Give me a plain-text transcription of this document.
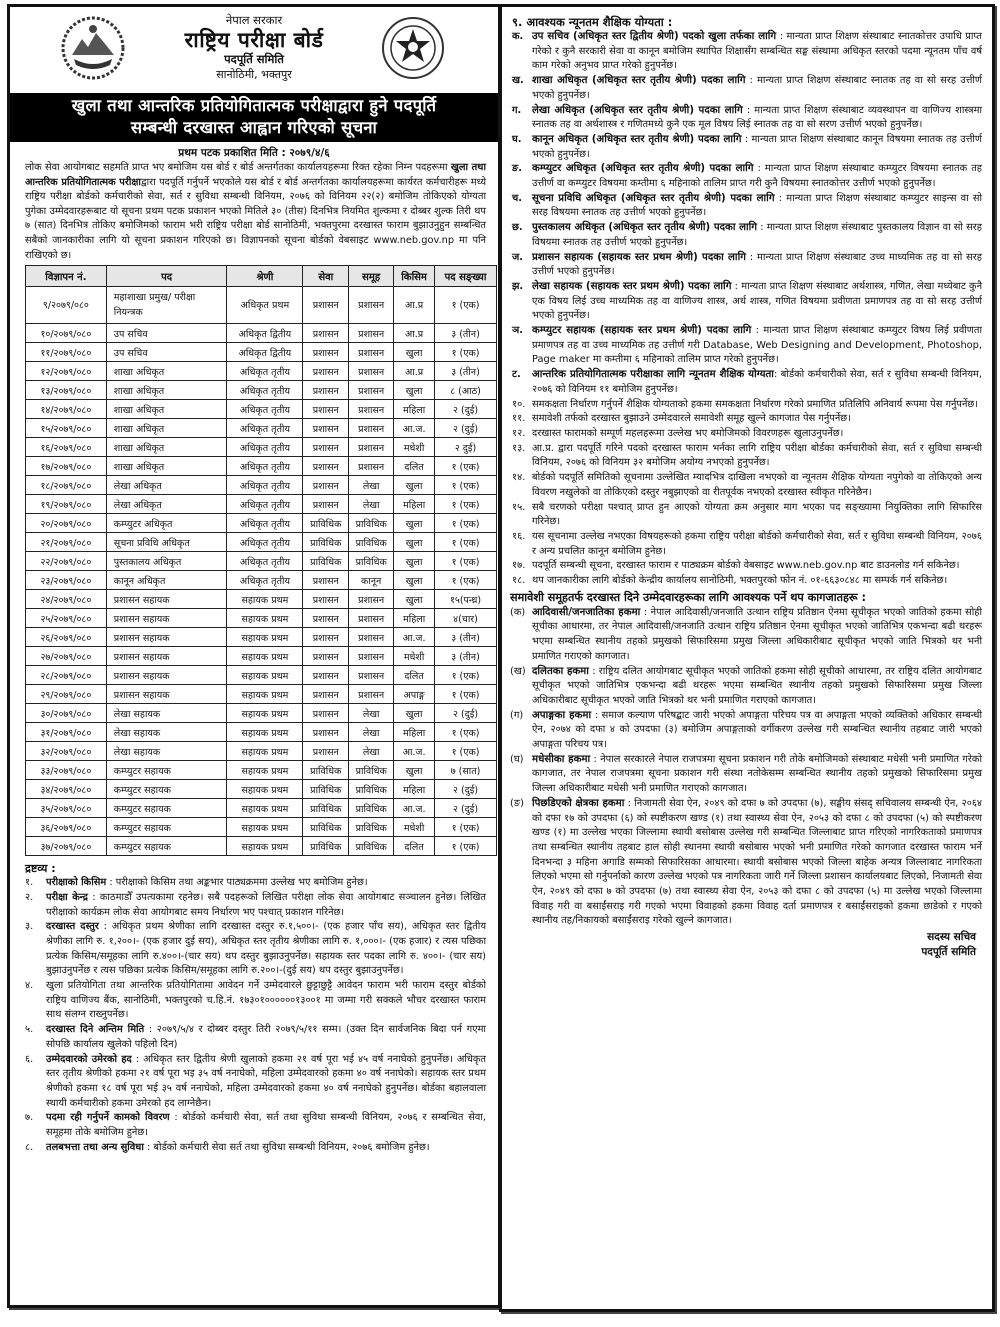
नेपाल सरकार
राष्ट्रिय परीक्षा बोर्ड
पदपूर्ति समिति
सानोठिमी, भक्तपुर
खुला तथा आन्तरिक प्रतियोगितात्मक परीक्षाद्वारा हुने पदपूर्ति
सम्बन्धी दरखास्त आह्वान गरिएको सूचना
प्रथम पटक प्रकाशित मिति : २०७९/४/६

लोक सेवा आयोगबाट सहमति प्राप्त भए बमोजिम यस बोर्ड र बोर्ड अन्तर्गतका कार्यालयहरूमा रिक्त रहेका निम्न पदहरूमा खुला तथा आन्तरिक प्रतियोगितात्मक परीक्षाद्वारा पदपूर्ति गर्नुपर्ने भएकोले यस बोर्ड र बोर्ड अन्तर्गतका कार्यालयहरूमा कार्यरत कर्मचारीहरू मध्ये राष्ट्रिय परीक्षा बोर्डको कर्मचारीको सेवा, सर्त र सुविधा सम्बन्धी विनियम, २०७६ को विनियम २२(२) बमोजिम तोकिएको योग्यता पुगेका उम्मेदवारहरूबाट यो सूचना प्रथम पटक प्रकाशन भएको मितिले ३० (तीस) दिनभित्र नियमित शुल्कमा र दोब्बर शुल्क तिरी थप ७ (सात) दिनभित्र तोकिए बमोजिमको फाराम भरी राष्ट्रिय परीक्षा बोर्ड सानोठिमी, भक्तपुरमा दरखास्त फाराम बुझाउनुहुन सम्बन्धित सबैको जानकारीका लागि यो सूचना प्रकाशन गरिएको छ। विज्ञापनको सूचना बोर्डको वेबसाइट www.neb.gov.np मा पनि राखिएको छ।

विज्ञापन नं.	पद	श्रेणी	सेवा	समूह	किसिम	पद सङ्ख्या
९/२०७९/०८०	महाशाखा प्रमुख/ परीक्षा नियन्त्रक	अधिकृत प्रथम	प्रशासन	प्रशासन	आ.प्र	१ (एक)
१०/२०७९/०८०	उप सचिव	अधिकृत द्वितीय	प्रशासन	प्रशासन	आ.प्र	३ (तीन)
११/२०७९/०८०	उप सचिव	अधिकृत द्वितीय	प्रशासन	प्रशासन	खुला	१ (एक)
१२/२०७९/०८०	शाखा अधिकृत	अधिकृत तृतीय	प्रशासन	प्रशासन	आ.प्र	३ (तीन)
१३/२०७९/०८०	शाखा अधिकृत	अधिकृत तृतीय	प्रशासन	प्रशासन	खुला	८ (आठ)
१४/२०७९/०८०	शाखा अधिकृत	अधिकृत तृतीय	प्रशासन	प्रशासन	महिला	२ (दुई)
१५/२०७९/०८०	शाखा अधिकृत	अधिकृत तृतीय	प्रशासन	प्रशासन	आ.ज.	२ (दुई)
१६/२०७९/०८०	शाखा अधिकृत	अधिकृत तृतीय	प्रशासन	प्रशासन	मधेशी	२ दुई)
१७/२०७९/०८०	शाखा अधिकृत	अधिकृत तृतीय	प्रशासन	प्रशासन	दलित	१ (एक)
१८/२०७९/०८०	लेखा अधिकृत	अधिकृत तृतीय	प्रशासन	लेखा	खुला	१ (एक)
१९/२०७९/०८०	लेखा अधिकृत	अधिकृत तृतीय	प्रशासन	लेखा	महिला	१ (एक)
२०/२०७९/०८०	कम्प्युटर अधिकृत	अधिकृत तृतीय	प्राविधिक	प्राविधिक	खुला	१ (एक)
२१/२०७९/०८०	सूचना प्रविधि अधिकृत	अधिकृत तृतीय	प्राविधिक	प्राविधिक	खुला	१ (एक)
२२/२०७९/०८०	पुस्तकालय अधिकृत	अधिकृत तृतीय	प्राविधिक	प्राविधिक	खुला	१ (एक)
२३/२०७९/०८०	कानून अधिकृत	अधिकृत तृतीय	प्रशासन	कानून	खुला	१ (एक)
२४/२०७९/०८०	प्रशासन सहायक	सहायक प्रथम	प्रशासन	प्रशासन	खुला	१५(पन्ध्र)
२५/२०७९/०८०	प्रशासन सहायक	सहायक प्रथम	प्रशासन	प्रशासन	महिला	४(चार)
२६/२०७९/०८०	प्रशासन सहायक	सहायक प्रथम	प्रशासन	प्रशासन	आ.ज.	३ (तीन)
२७/२०७९/०८०	प्रशासन सहायक	सहायक प्रथम	प्रशासन	प्रशासन	मधेशी	३ (तीन)
२८/२०७९/०८०	प्रशासन सहायक	सहायक प्रथम	प्रशासन	प्रशासन	दलित	१ (एक)
२९/२०७९/०८०	प्रशासन सहायक	सहायक प्रथम	प्रशासन	प्रशासन	अपाङ्ग	१ (एक)
३०/२०७९/०८०	लेखा सहायक	सहायक प्रथम	प्रशासन	लेखा	खुला	२ (दुई)
३१/२०७९/०८०	लेखा सहायक	सहायक प्रथम	प्रशासन	लेखा	महिला	१ (एक)
३२/२०७९/०८०	लेखा सहायक	सहायक प्रथम	प्रशासन	लेखा	आ.ज.	१ (एक)
३३/२०७९/०८०	कम्प्युटर सहायक	सहायक प्रथम	प्राविधिक	प्राविधिक	खुला	७ (सात)
३४/२०७९/०८०	कम्प्युटर सहायक	सहायक प्रथम	प्राविधिक	प्राविधिक	महिला	२ (दुई)
३५/२०७९/०८०	कम्प्युटर सहायक	सहायक प्रथम	प्राविधिक	प्राविधिक	आ.ज.	२ (दुई)
३६/२०७९/०८०	कम्प्युटर सहायक	सहायक प्रथम	प्राविधिक	प्राविधिक	मधेशी	१ (एक)
३७/२०७९/०८०	कम्प्युटर सहायक	सहायक प्रथम	प्राविधिक	प्राविधिक	दलित	१ (एक)
द्रष्टव्य :
१. परीक्षाको किसिम : परीक्षाको किसिम तथा अङ्कभार पाठ्यक्रममा उल्लेख भए बमोजिम हुनेछ।
२. परीक्षा केन्द्र : काठमाडौँ उपत्यकामा रहनेछ। सबै पदहरूको लिखित परीक्षा लोक सेवा आयोगबाट सञ्चालन हुनेछ। लिखित परीक्षाको कार्यक्रम लोक सेवा आयोगबाट समय निर्धारण भए पश्चात् प्रकाशन गरिनेछ।
३. दरखास्त दस्तुर : अधिकृत प्रथम श्रेणीका लागि दरखास्त दस्तुर रु.१,५००।- (एक हजार पाँच सय), अधिकृत स्तर द्वितीय श्रेणीका लागि रु. १,२००।- (एक हजार दुई सय), अधिकृत स्तर तृतीय श्रेणीका लागि रु. १,०००।- (एक हजार) र त्यस पछिका प्रत्येक किसिम/समूहका लागि रु.४००।-(चार सय) थप दस्तुर बुझाउनुपर्नेछ। सहायक स्तर पदका लागि रु. ४००।- (चार सय) बुझाउनुपर्नेछ र त्यस पछिका प्रत्येक किसिम/समूहका लागि रु.२००।-(दुई सय) थप दस्तुर बुझाउनुपर्नेछ।
४. खुला प्रतियोगिता तथा आन्तरिक प्रतियोगितामा आवेदन गर्ने उम्मेदवारले छुट्टाछुट्टै आवेदन फाराम भरी फाराम दस्तुर बोर्डको राष्ट्रिय वाणिज्य बैंक, सानोठिमी, भक्तपुरको च.हि.नं. १७३०१००००००१३००१ मा जम्मा गरी सक्कले भौचर दरखास्त फाराम साथ संलग्न राख्नुपर्नेछ।
५. दरखास्त दिने अन्तिम मिति : २०७९/५/४ र दोब्बर दस्तुर तिरी २०७९/५/११ सम्म। (उक्त दिन सार्वजनिक बिदा पर्न गएमा सोपछि कार्यालय खुलेको पहिलो दिन)
६. उम्मेदवारको उमेरको हद : अधिकृत स्तर द्वितीय श्रेणी खुलाको हकमा २१ वर्ष पूरा भई ४५ वर्ष ननाघेको हुनुपर्नेछ। अधिकृत स्तर तृतीय श्रेणीको हकमा २१ वर्ष पूरा भइ ३५ वर्ष ननाघेको, महिला उम्मेदवारको हकमा ४० वर्ष ननाघेको। सहायक स्तर प्रथम श्रेणीको हकमा १८ वर्ष पूरा भई ३५ वर्ष ननाघेको, महिला उम्मेदवारको हकमा ४० वर्ष ननाघेको हुनुपर्नेछ। बोर्डका बहालवाला स्थायी कर्मचारीको हकमा उमेरको हद लाग्नेछैन।
७. पदमा रही गर्नुपर्ने कामको विवरण : बोर्डको कर्मचारी सेवा, सर्त तथा सुविधा सम्बन्धी विनियम, २०७६ र सम्बन्धित सेवा, समूहमा तोके बमोजिम हुनेछ।
८. तलबभत्ता तथा अन्य सुविधा : बोर्डको कर्मचारी सेवा सर्त तथा सुविधा सम्बन्धी विनियम, २०७६ बमोजिम हुनेछ।
९. आवश्यक न्यूनतम शैक्षिक योग्यता :
क. उप सचिव (अधिकृत स्तर द्वितीय श्रेणी) पदको खुला तर्फका लागि : मान्यता प्राप्त शिक्षण संस्थाबाट स्नातकोत्तर उपाधि प्राप्त गरेको र कुनै सरकारी सेवा वा कानून बमोजिम स्थापित शिक्षासँग सम्बन्धित सङ्घ संस्थामा अधिकृत स्तरको पदमा न्यूनतम पाँच वर्ष काम गरेको अनुभव प्राप्त गरेको हुनुपर्नेछ।
ख. शाखा अधिकृत (अधिकृत स्तर तृतीय श्रेणी) पदका लागि : मान्यता प्राप्त शिक्षण संस्थाबाट स्नातक तह वा सो सरह उत्तीर्ण भएको हुनुपर्नेछ।
ग. लेखा अधिकृत (अधिकृत स्तर तृतीय श्रेणी) पदका लागि : मान्यता प्राप्त शिक्षण संस्थाबाट व्यवस्थापन वा वाणिज्य शास्त्रमा स्नातक तह वा अर्थशास्त्र र गणितमध्ये कुनै एक मूल विषय लिई स्नातक तह वा सो सरण उत्तीर्ण भएको हुनुपर्नेछ।
घ. कानून अधिकृत (अधिकृत स्तर तृतीय श्रेणी) पदका लागि : मान्यता प्राप्त शिक्षण संस्थाबाट कानून विषयमा स्नातक तह उत्तीर्ण भएको हुनुपर्नेछ।
ङ. कम्प्युटर अधिकृत (अधिकृत स्तर तृतीय श्रेणी) पदका लागि : मान्यता प्राप्त शिक्षण संस्थाबाट कम्प्युटर विषयमा स्नातक तह उत्तीर्ण वा कम्प्युटर विषयमा कम्तीमा ६ महिनाको तालिम प्राप्त गरी कुनै विषयमा स्नातकोत्तर उत्तीर्ण भएको हुनुपर्नेछ।
च. सूचना प्रविधि अधिकृत (अधिकृत स्तर तृतीय श्रेणी) पदका लागि : मान्यता प्राप्त शिक्षण संस्थाबाट कम्प्युटर साइन्स वा सो सरह विषयमा स्नातक तह उत्तीर्ण भएको हुनुपर्नेछ।
छ. पुस्तकालय अधिकृत (अधिकृत स्तर तृतीय श्रेणी) पदका लागि : मान्यता प्राप्त शिक्षण संस्थाबाट पुस्तकालय विज्ञान वा सो सरह विषयमा स्नातक तह उत्तीर्ण भएको हुनुपर्नेछ।
ज. प्रशासन सहायक (सहायक स्तर प्रथम श्रेणी) पदका लागि : मान्यता प्राप्त शिक्षण संस्थाबाट उच्च माध्यमिक तह वा सो सरह उत्तीर्ण भएको हुनुपर्नेछ।
झ. लेखा सहायक (सहायक स्तर प्रथम श्रेणी) पदका लागि : मान्यता प्राप्त शिक्षण संस्थाबाट अर्थशास्त्र, गणित, लेखा मध्येबाट कुनै एक विषय लिई उच्च माध्यमिक तह वा वाणिज्य शास्त्र, अर्थ शास्त्र, गणित विषयमा प्रवीणता प्रमाणपत्र तह वा सो सरह उत्तीर्ण भएको हुनुपर्नेछ।
ञ. कम्प्युटर सहायक (सहायक स्तर प्रथम श्रेणी) पदका लागि : मान्यता प्राप्त शिक्षण संस्थाबाट कम्प्युटर विषय लिई प्रवीणता प्रमाणपत्र तह वा उच्च माध्यमिक तह उत्तीर्ण गरी Database, Web Designing and Development, Photoshop, Page maker मा कम्तीमा ६ महिनाको तालिम प्राप्त गरेको हुनुपर्नेछ।
ट. आन्तरिक प्रतियोगितात्मक परीक्षाका लागि न्यूनतम शैक्षिक योग्यता: बोर्डको कर्मचारीको सेवा, सर्त र सुविधा सम्बन्धी विनियम, २०७६ को विनियम ११ बमोजिम हुनुपर्नेछ।
१०. समकक्षता निर्धारण गर्नुपर्ने शैक्षिक योग्यताको हकमा समकक्षता निर्धारण गरेको प्रमाणित प्रतिलिपि अनिवार्य रूपमा पेस गर्नुपर्नेछ।
११. समावेशी तर्फको दरखास्त बुझाउने उम्मेदवारले समावेशी समूह खुल्ने कागजात पेस गर्नुपर्नेछ।
१२. दरखास्त फारामको सम्पूर्ण महलहरूमा उल्लेख भए बमोजिमको विवरणहरू खुलाउनुपर्नेछ।
१३. आ.प्र. द्वारा पदपूर्ति गरिने पदको दरखास्त फाराम भर्नका लागि राष्ट्रिय परीक्षा बोर्डका कर्मचारीको सेवा, सर्त र सुविधा सम्बन्धी विनियम, २०७६ को विनियम ३२ बमोजिम अयोग्य नभएको हुनुपर्नेछ।
१४. बोर्डको पदपूर्ति समितिको सूचनामा उल्लेखित म्यादभित्र दाखिला नभएको वा न्यूनतम शैक्षिक योग्यता नपुगेको वा तोकिएको अन्य विवरण नखुलेको वा तोकिएको दस्तुर नबुझाएको वा रीतपूर्वक नभएको दरखास्त स्वीकृत गरिनेछैन।
१५. सबै चरणको परीक्षा पश्चात् प्राप्त हुन आएको योग्यता क्रम अनुसार माग भएका पद सङ्ख्यामा नियुक्तिका लागि सिफारिस गरिनेछ।
१६. यस सूचनामा उल्लेख नभएका विषयहरूको हकमा राष्ट्रिय परीक्षा बोर्डको कर्मचारीको सेवा, सर्त र सुविधा सम्बन्धी विनियम, २०७६ र अन्य प्रचलित कानून बमोजिम हुनेछ।
१७. पदपूर्ति सम्बन्धी सूचना, दरखास्त फाराम र पाठ्यक्रम बोर्डको वेबसाइट www.neb.gov.np बाट डाउनलोड गर्न सकिनेछ।
१८. थप जानकारीका लागि बोर्डको केन्द्रीय कार्यालय सानोठिमी, भक्तपुरको फोन नं. ०१-६६३०८४८ मा सम्पर्क गर्न सकिनेछ।
समावेशी समूहतर्फ दरखास्त दिने उम्मेदवारहरूका लागि आवश्यक पर्ने थप कागजातहरू :
(क) आदिवासी/जनजातिका हकमा : नेपाल आदिवासी/जनजाति उत्थान राष्ट्रिय प्रतिष्ठान ऐनमा सूचीकृत भएको जातिको हकमा सोही सूचीका आधारमा, तर नेपाल आदिवासी/जनजाति उत्थान राष्ट्रिय प्रतिष्ठान ऐनमा सूचीकृत भएको जातिभित्र एकभन्दा बढी थरहरू भएमा सम्बन्धित स्थानीय तहको प्रमुखको सिफारिसमा प्रमुख जिल्ला अधिकारीबाट सूचीकृत भएको जाति भित्रको थर भनी प्रमाणित गराएको कागजात।
(ख) दलितका हकमा : राष्ट्रिय दलित आयोगबाट सूचीकृत भएको जातिको हकमा सोही सूचीको आधारमा, तर राष्ट्रिय दलित आयोगबाट सूचीकृत भएको जातिभित्र एकभन्दा बढी थरहरू भएमा सम्बन्धित स्थानीय तहको प्रमुखको सिफारिसमा प्रमुख जिल्ला अधिकारीबाट सूचीकृत भएको जाति भित्रको थर भनी प्रमाणित गराएको कागजात।
(ग) अपाङ्गका हकमा : समाज कल्याण परिषद्बाट जारी भएको अपाङ्गता परिचय पत्र वा अपाङ्गता भएको व्यक्तिको अधिकार सम्बन्धी ऐन, २०७४ को दफा ४ को उपदफा (३) बमोजिम अपाङ्गताको वर्गीकरण उल्लेख गरी सम्बन्धित स्थानीय तहबाट जारी भएको अपाङ्गता परिचय पत्र।
(घ) मधेसीका हकमा : नेपाल सरकारले नेपाल राजपत्रमा सूचना प्रकाशन गरी तोके बमोजिमको संस्थाबाट मधेसी भनी प्रमाणित गरेको कागजात, तर नेपाल राजपत्रमा सूचना प्रकाशन गरी संस्था नतोकेसम्म सम्बन्धित स्थानीय तहको प्रमुखको सिफारिसमा प्रमुख जिल्ला अधिकारीबाट मधेसी भनी प्रमाणित गराएको कागजात।
(ङ) पिछडिएको क्षेत्रका हकमा : निजामती सेवा ऐन, २०४९ को दफा ७ को उपदफा (७), सङ्घीय संसद् सचिवालय सम्बन्धी ऐन, २०६४ को दफा १७ को उपदफा (६) को स्पष्टीकरण खण्ड (१) तथा स्वास्थ्य सेवा ऐन, २०५३ को दफा ८ को उपदफा (५) को स्पष्टीकरण खण्ड (१) मा उल्लेख भएका जिल्लामा स्थायी बसोबास उल्लेख गरी सम्बन्धित जिल्लाबाट प्राप्त गरिएको नागरिकताको प्रमाणपत्र तथा सम्बन्धित स्थानीय तहबाट हाल सोही स्थानमा स्थायी बसोबास भएको भनी प्रमाणित गरेको कागजात दरखास्त फाराम भर्ने दिनभन्दा ३ महिना अगाडि सम्मको सिफारिसका आधारमा। स्थायी बसोबास भएको जिल्ला बाहेक अन्यत्र जिल्लाबाट नागरिकता लिएको भएमा सो गर्नुपर्नाको कारण उल्लेख भएको पत्र नागरिकता जारी गर्ने जिल्ला प्रशासन कार्यालयबाट लिएको, निजामती सेवा ऐन, २०४९ को दफा ७ को उपदफा (७) तथा स्वास्थ्य सेवा ऐन, २०५३ को दफा ८ को उपदफा (५) मा उल्लेख भएको जिल्लामा विवाह गरी वा बसाईंसराइ गरी गएको भएमा विवाहको हकमा विवाह दर्ता प्रमाणपत्र र बसाईंसराइको हकमा छाडेको र गएको स्थानीय तह/निकायको बसाईंसराइ गरेको खुल्ने कागजात।
सदस्य सचिव
पदपूर्ति समिति
